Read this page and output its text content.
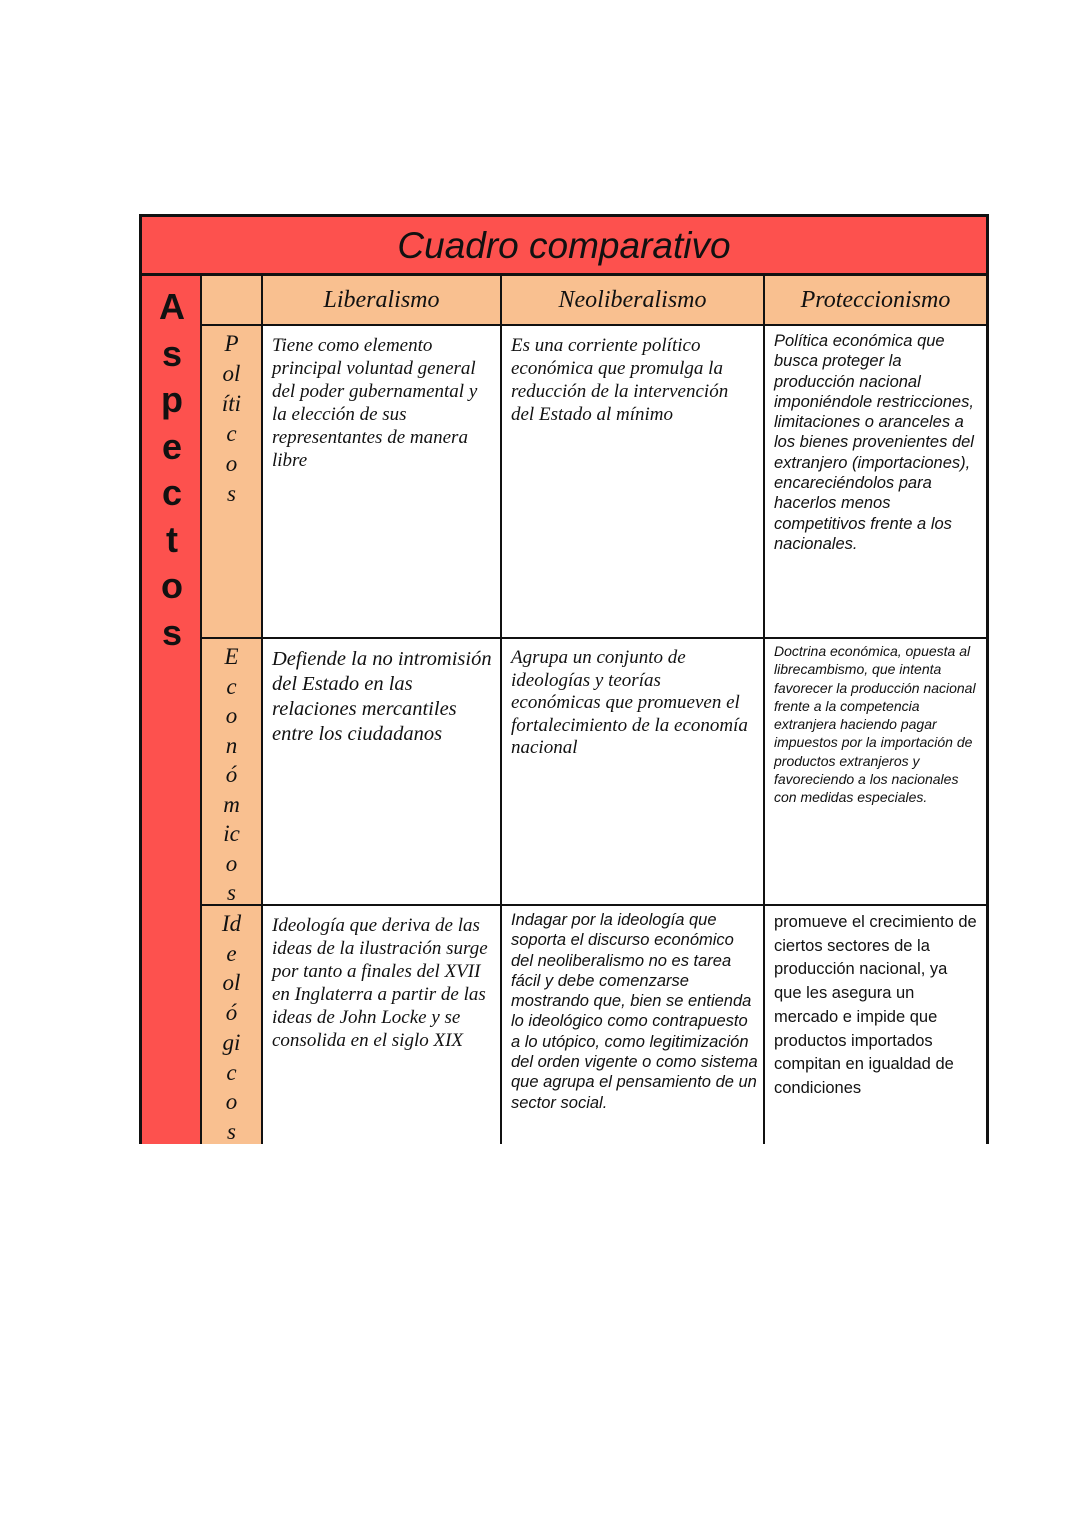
Cuadro comparativo
A
s
p
e
c
t
o
s
Liberalismo	Neoliberalismo	Proteccionismo
P
ol
íti
c
o
s
Tiene como elemento principal voluntad general del poder gubernamental y la elección de sus representantes de manera libre
Es una corriente político económica que promulga la reducción de la intervención del Estado al mínimo
Política económica que busca proteger la producción nacional imponiéndole restricciones, limitaciones o aranceles a los bienes provenientes del extranjero (importaciones), encareciéndolos para hacerlos menos competitivos frente a los nacionales.
E
c
o
n
ó
m
ic
o
s
Defiende la no intromisión del Estado en las relaciones mercantiles entre los ciudadanos
Agrupa un conjunto de ideologías y teorías económicas que promueven el fortalecimiento de la economía nacional
Doctrina económica, opuesta al librecambismo, que intenta favorecer la producción nacional frente a la competencia extranjera haciendo pagar impuestos por la importación de productos extranjeros y favoreciendo a los nacionales con medidas especiales.
Id
e
ol
ó
gi
c
o
s
Ideología que deriva de las ideas de la ilustración surge por tanto a finales del XVII en Inglaterra a partir de las ideas de John Locke y se consolida en el siglo XIX
Indagar por la ideología que soporta el discurso económico del neoliberalismo no es tarea fácil y debe comenzarse mostrando que, bien se entienda lo ideológico como contrapuesto a lo utópico, como legitimización del orden vigente o como sistema que agrupa el pensamiento de un sector social.
promueve el crecimiento de ciertos sectores de la producción nacional, ya que les asegura un mercado e impide que productos importados compitan en igualdad de condiciones
